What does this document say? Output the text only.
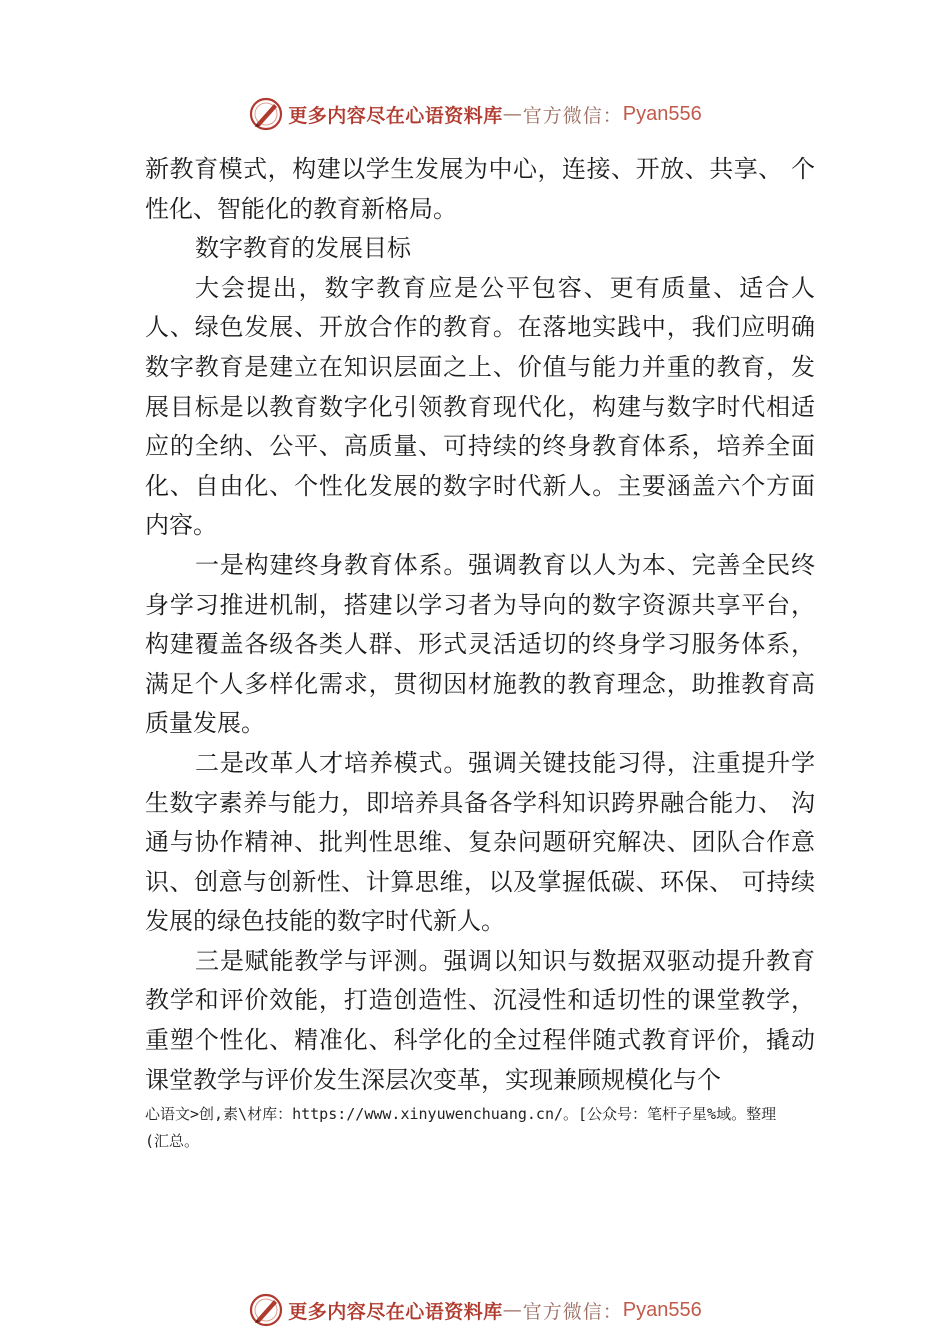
更多内容尽在心语资料库 — 官方微信： Pyan556

新教育模式，构建以学生发展为中心，连接、开放、共享、 个性化、智能化的教育新格局。

数字教育的发展目标

大会提出，数字教育应是公平包容、更有质量、适合人人、绿色发展、开放合作的教育。在落地实践中，我们应明确数字教育是建立在知识层面之上、价值与能力并重的教育，发展目标是以教育数字化引领教育现代化，构建与数字时代相适应的全纳、公平、高质量、可持续的终身教育体系，培养全面化、自由化、个性化发展的数字时代新人。主要涵盖六个方面内容。

一是构建终身教育体系。强调教育以人为本、完善全民终身学习推进机制，搭建以学习者为导向的数字资源共享平台，构建覆盖各级各类人群、形式灵活适切的终身学习服务体系，满足个人多样化需求，贯彻因材施教的教育理念，助推教育高质量发展。

二是改革人才培养模式。强调关键技能习得，注重提升学生数字素养与能力，即培养具备各学科知识跨界融合能力、 沟通与协作精神、批判性思维、复杂问题研究解决、团队合作意识、创意与创新性、计算思维，以及掌握低碳、环保、 可持续发展的绿色技能的数字时代新人。

三是赋能教学与评测。强调以知识与数据双驱动提升教育教学和评价效能，打造创造性、沉浸性和适切性的课堂教学，重塑个性化、精准化、科学化的全过程伴随式教育评价，撬动课堂教学与评价发生深层次变革，实现兼顾规模化与个

心语文>创,素\材库：https://www.xinyuwenchuang.cn/。[公众号：笔杆子星%域。整理
(汇总。
更多内容尽在心语资料库 — 官方微信： Pyan556
